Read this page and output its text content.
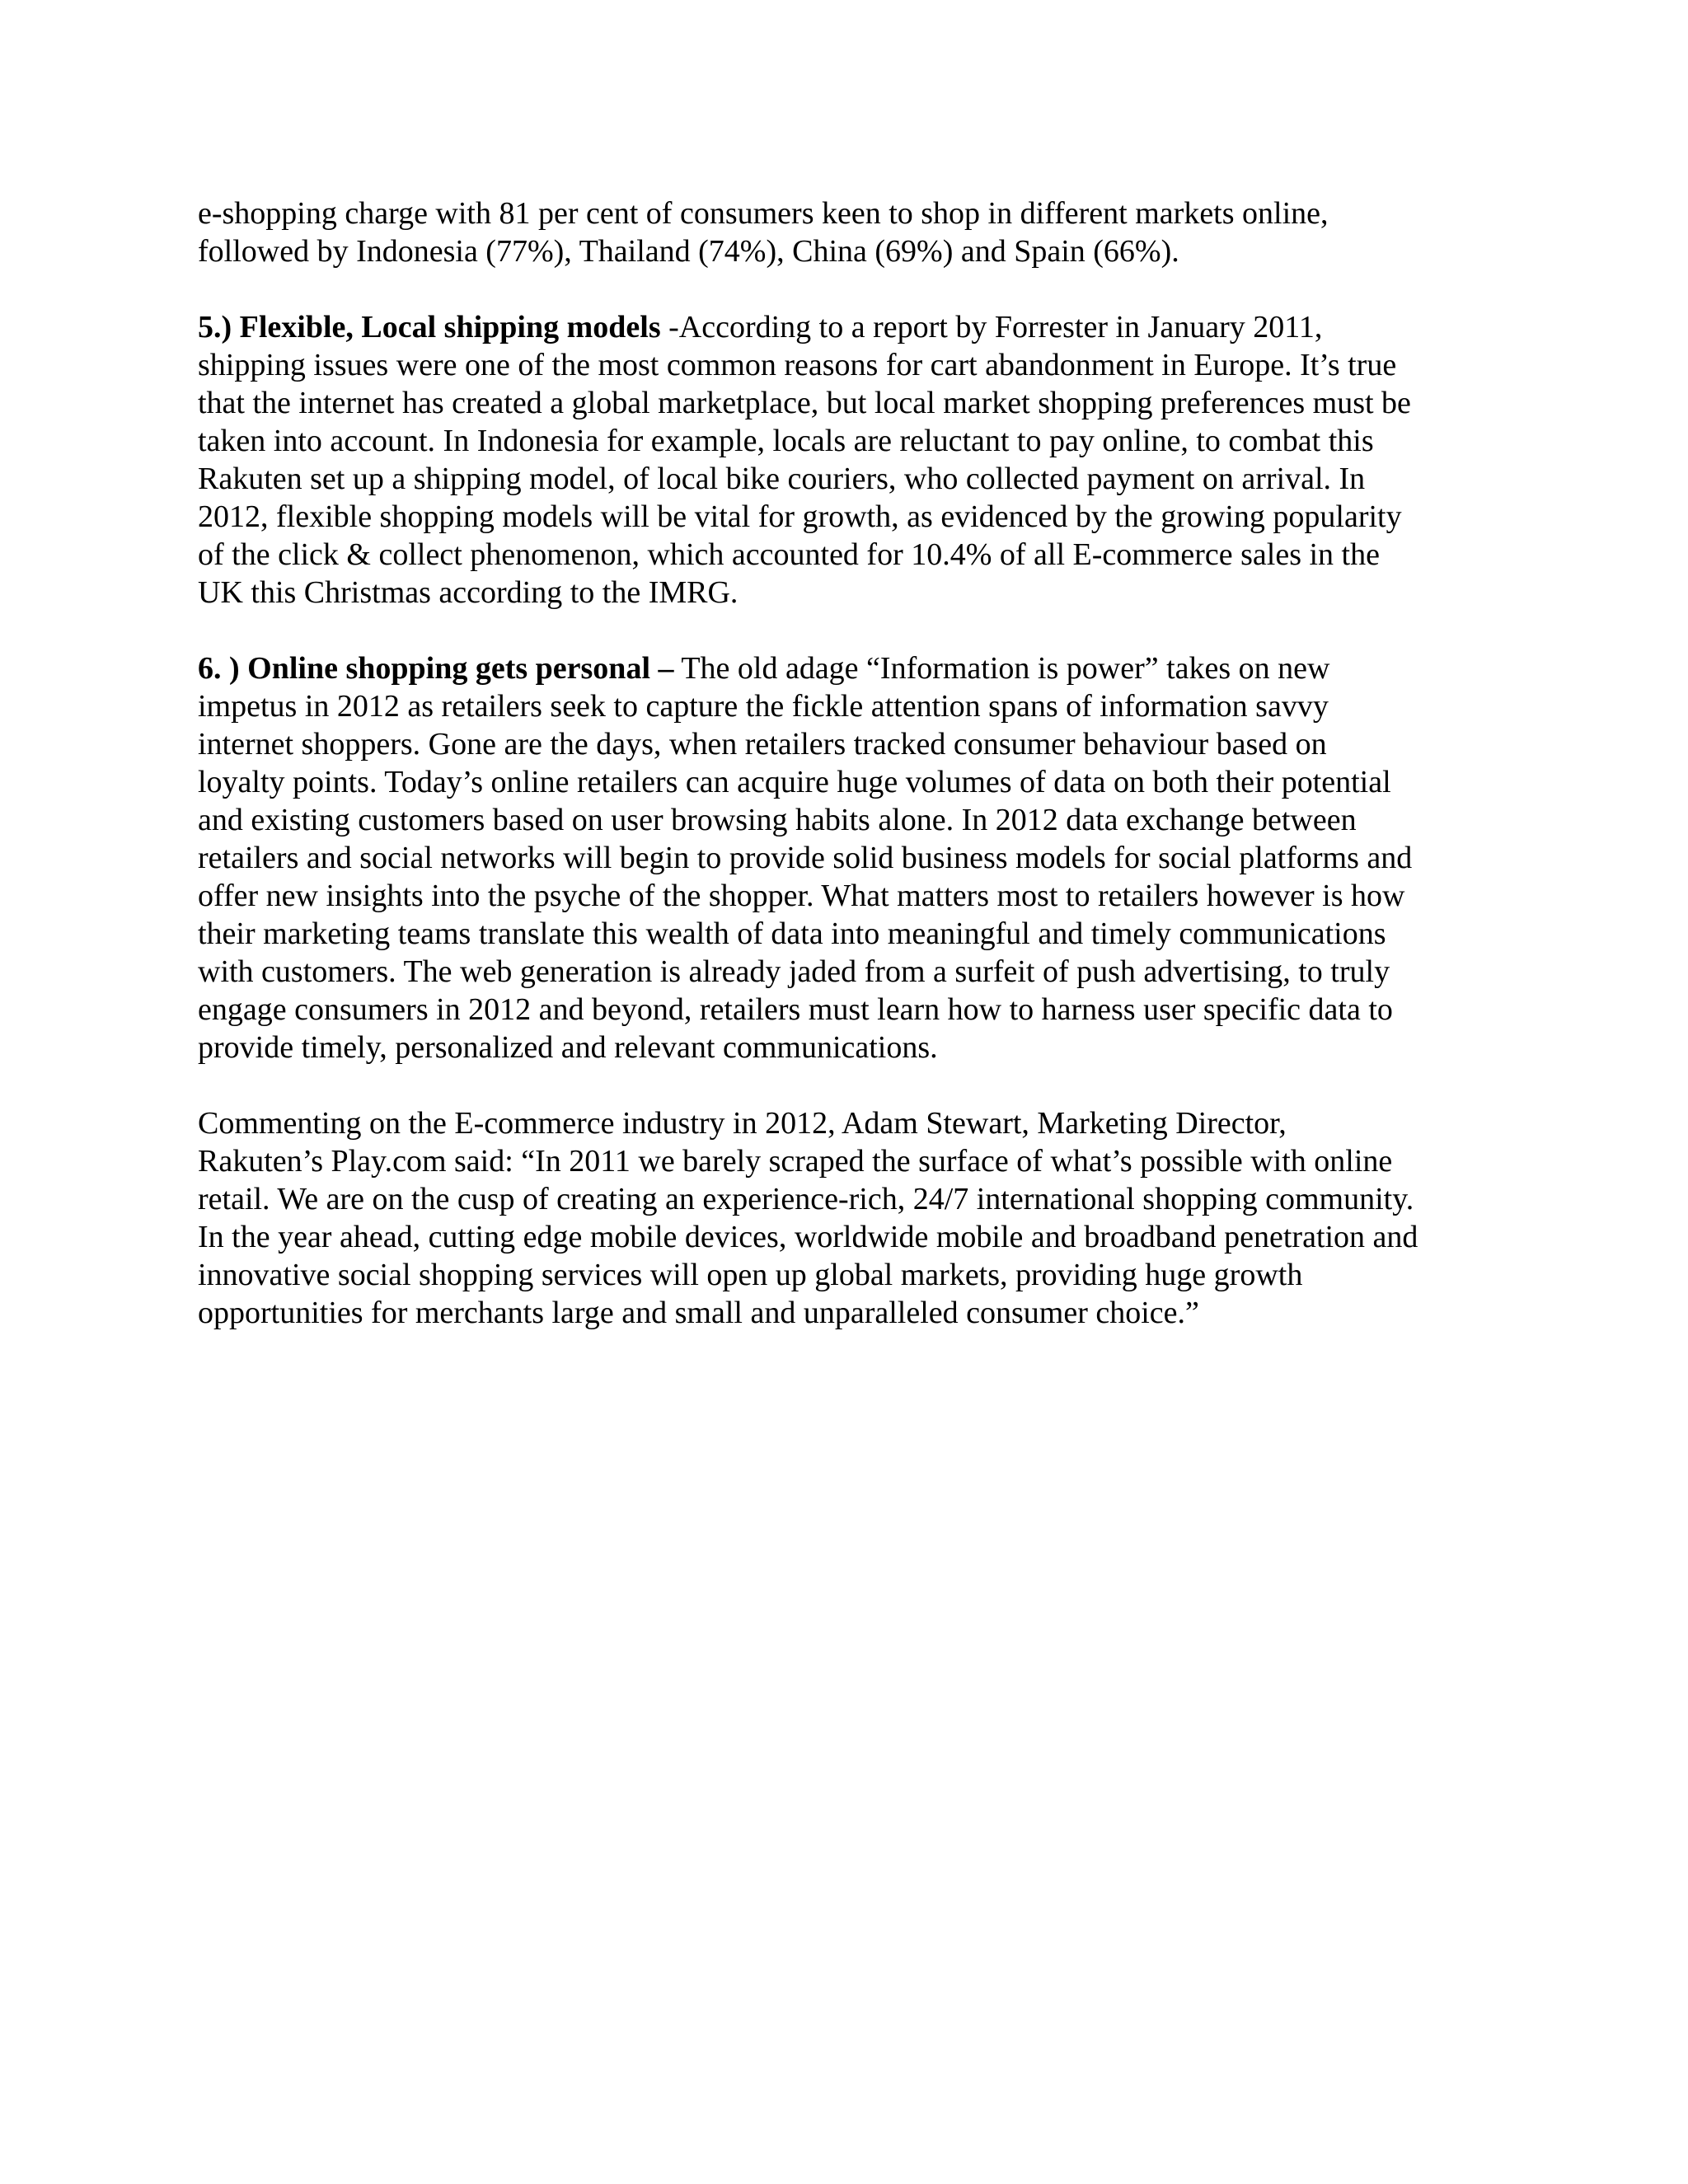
e-shopping charge with 81 per cent of consumers keen to shop in different markets online,
followed by Indonesia (77%), Thailand (74%), China (69%) and Spain (66%).

5.) Flexible, Local shipping models -According to a report by Forrester in January 2011,
shipping issues were one of the most common reasons for cart abandonment in Europe. It’s true
that the internet has created a global marketplace, but local market shopping preferences must be
taken into account. In Indonesia for example, locals are reluctant to pay online, to combat this
Rakuten set up a shipping model, of local bike couriers, who collected payment on arrival. In
2012, flexible shopping models will be vital for growth, as evidenced by the growing popularity
of the click & collect phenomenon, which accounted for 10.4% of all E-commerce sales in the
UK this Christmas according to the IMRG.

6. ) Online shopping gets personal – The old adage “Information is power” takes on new
impetus in 2012 as retailers seek to capture the fickle attention spans of information savvy
internet shoppers. Gone are the days, when retailers tracked consumer behaviour based on
loyalty points. Today’s online retailers can acquire huge volumes of data on both their potential
and existing customers based on user browsing habits alone. In 2012 data exchange between
retailers and social networks will begin to provide solid business models for social platforms and
offer new insights into the psyche of the shopper. What matters most to retailers however is how
their marketing teams translate this wealth of data into meaningful and timely communications
with customers. The web generation is already jaded from a surfeit of push advertising, to truly
engage consumers in 2012 and beyond, retailers must learn how to harness user specific data to
provide timely, personalized and relevant communications.

Commenting on the E-commerce industry in 2012, Adam Stewart, Marketing Director,
Rakuten’s Play.com said: “In 2011 we barely scraped the surface of what’s possible with online
retail. We are on the cusp of creating an experience-rich, 24/7 international shopping community.
In the year ahead, cutting edge mobile devices, worldwide mobile and broadband penetration and
innovative social shopping services will open up global markets, providing huge growth
opportunities for merchants large and small and unparalleled consumer choice.”
